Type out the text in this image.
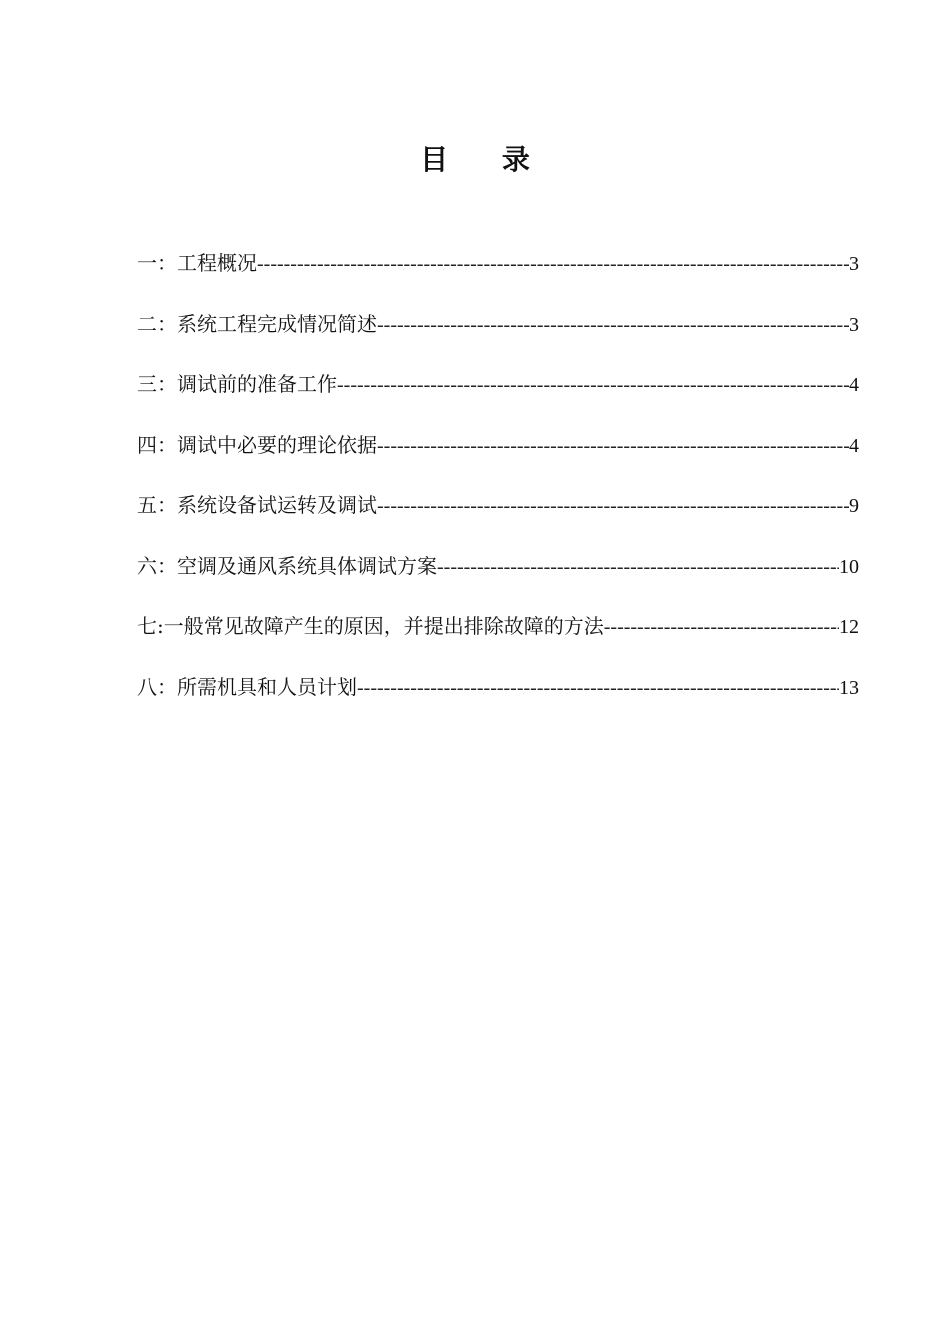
目 录
一：工程概况 -----	3
二：系统工程完成情况简述 -----	3
三：调试前的准备工作 -----	4
四：调试中必要的理论依据 -----	4
五：系统设备试运转及调试 -----	9
六：空调及通风系统具体调试方案 -----	10
七:一般常见故障产生的原因，并提出排除故障的方法 -----	12
八：所需机具和人员计划 -----	13
